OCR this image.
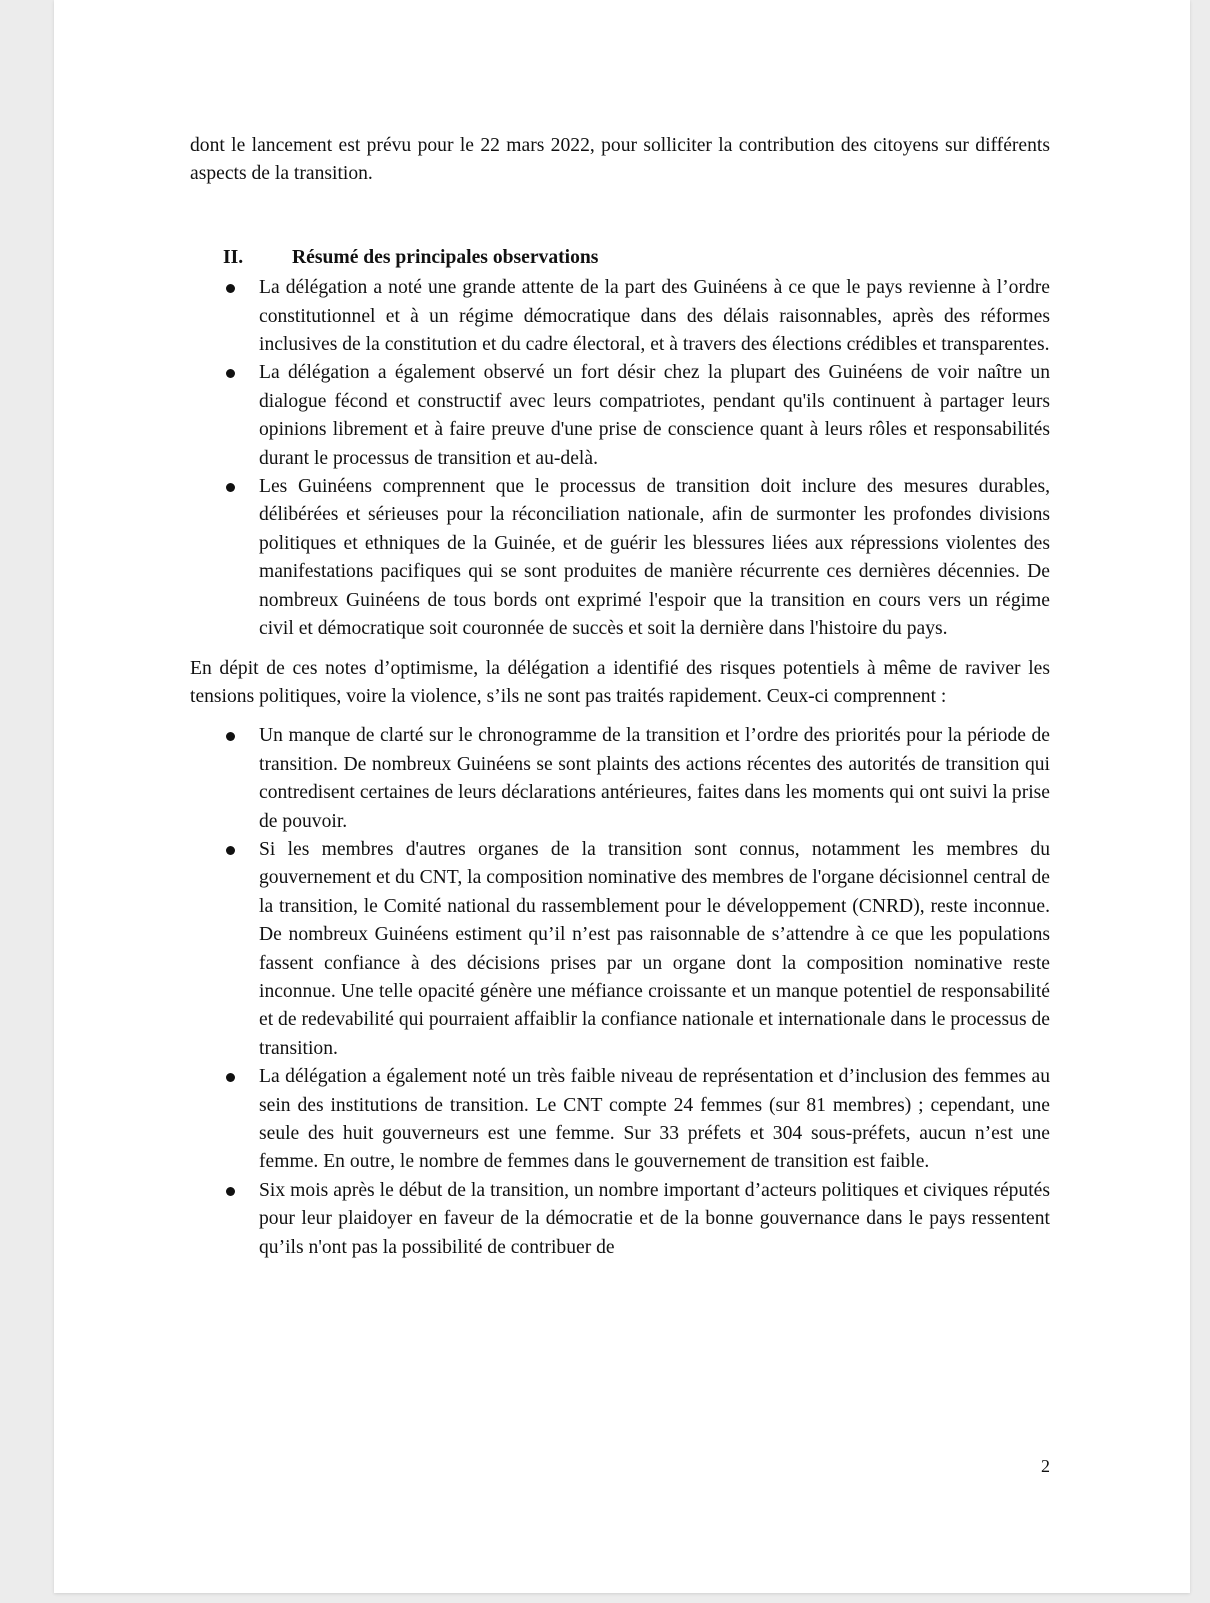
dont le lancement est prévu pour le 22 mars 2022, pour solliciter la contribution des citoyens sur différents aspects de la transition.

II.	Résumé des principales observations
La délégation a noté une grande attente de la part des Guinéens à ce que le pays revienne à l’ordre constitutionnel et à un régime démocratique dans des délais raisonnables, après des réformes inclusives de la constitution et du cadre électoral, et à travers des élections crédibles et transparentes.
La délégation a également observé un fort désir chez la plupart des Guinéens de voir naître un dialogue fécond et constructif avec leurs compatriotes, pendant qu'ils continuent à partager leurs opinions librement et à faire preuve d'une prise de conscience quant à leurs rôles et responsabilités durant le processus de transition et au-delà.
Les Guinéens comprennent que le processus de transition doit inclure des mesures durables, délibérées et sérieuses pour la réconciliation nationale, afin de surmonter les profondes divisions politiques et ethniques de la Guinée, et de guérir les blessures liées aux répressions violentes des manifestations pacifiques qui se sont produites de manière récurrente ces dernières décennies. De nombreux Guinéens de tous bords ont exprimé l'espoir que la transition en cours vers un régime civil et démocratique soit couronnée de succès et soit la dernière dans l'histoire du pays.

En dépit de ces notes d’optimisme, la délégation a identifié des risques potentiels à même de raviver les tensions politiques, voire la violence, s’ils ne sont pas traités rapidement. Ceux-ci comprennent :

Un manque de clarté sur le chronogramme de la transition et l’ordre des priorités pour la période de transition. De nombreux Guinéens se sont plaints des actions récentes des autorités de transition qui contredisent certaines de leurs déclarations antérieures, faites dans les moments qui ont suivi la prise de pouvoir.
Si les membres d'autres organes de la transition sont connus, notamment les membres du gouvernement et du CNT, la composition nominative des membres de l'organe décisionnel central de la transition, le Comité national du rassemblement pour le développement (CNRD), reste inconnue. De nombreux Guinéens estiment qu’il n’est pas raisonnable de s’attendre à ce que les populations fassent confiance à des décisions prises par un organe dont la composition nominative reste inconnue. Une telle opacité génère une méfiance croissante et un manque potentiel de responsabilité et de redevabilité qui pourraient affaiblir la confiance nationale et internationale dans le processus de transition.
La délégation a également noté un très faible niveau de représentation et d’inclusion des femmes au sein des institutions de transition. Le CNT compte 24 femmes (sur 81 membres) ; cependant, une seule des huit gouverneurs est une femme. Sur 33 préfets et 304 sous-préfets, aucun n’est une femme. En outre, le nombre de femmes dans le gouvernement de transition est faible.
Six mois après le début de la transition, un nombre important d’acteurs politiques et civiques réputés pour leur plaidoyer en faveur de la démocratie et de la bonne gouvernance dans le pays ressentent qu’ils n'ont pas la possibilité de contribuer de
2
